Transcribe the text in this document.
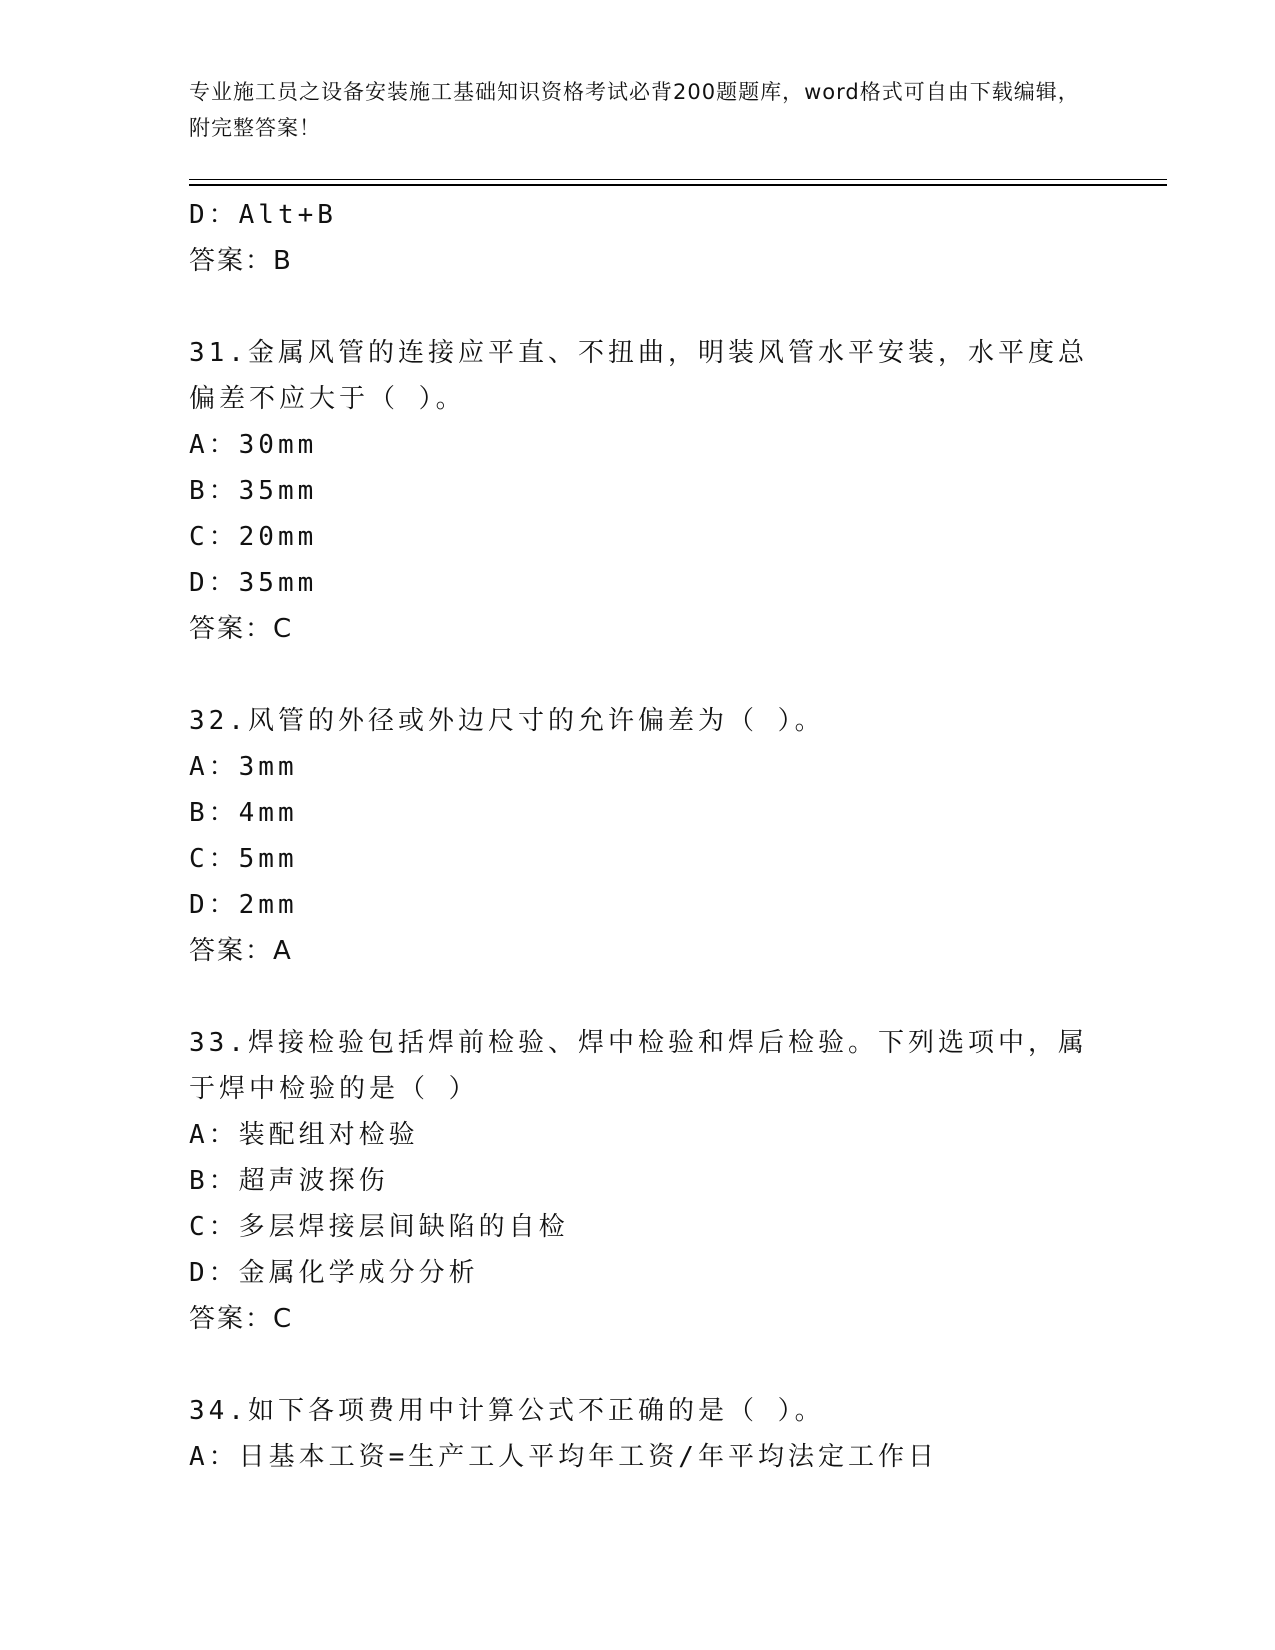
专业施工员之设备安装施工基础知识资格考试必背200题题库，word格式可自由下载编辑，附完整答案！
D：Alt+B
答案：B
31.金属风管的连接应平直、不扭曲，明装风管水平安装，水平度总偏差不应大于（ ）。
A：30mm
B：35mm
C：20mm
D：35mm
答案：C
32.风管的外径或外边尺寸的允许偏差为（ ）。
A：3mm
B：4mm
C：5mm
D：2mm
答案：A
33.焊接检验包括焊前检验、焊中检验和焊后检验。下列选项中，属于焊中检验的是（ ）
A：装配组对检验
B：超声波探伤
C：多层焊接层间缺陷的自检
D：金属化学成分分析
答案：C
34.如下各项费用中计算公式不正确的是（ ）。
A：日基本工资=生产工人平均年工资/年平均法定工作日
